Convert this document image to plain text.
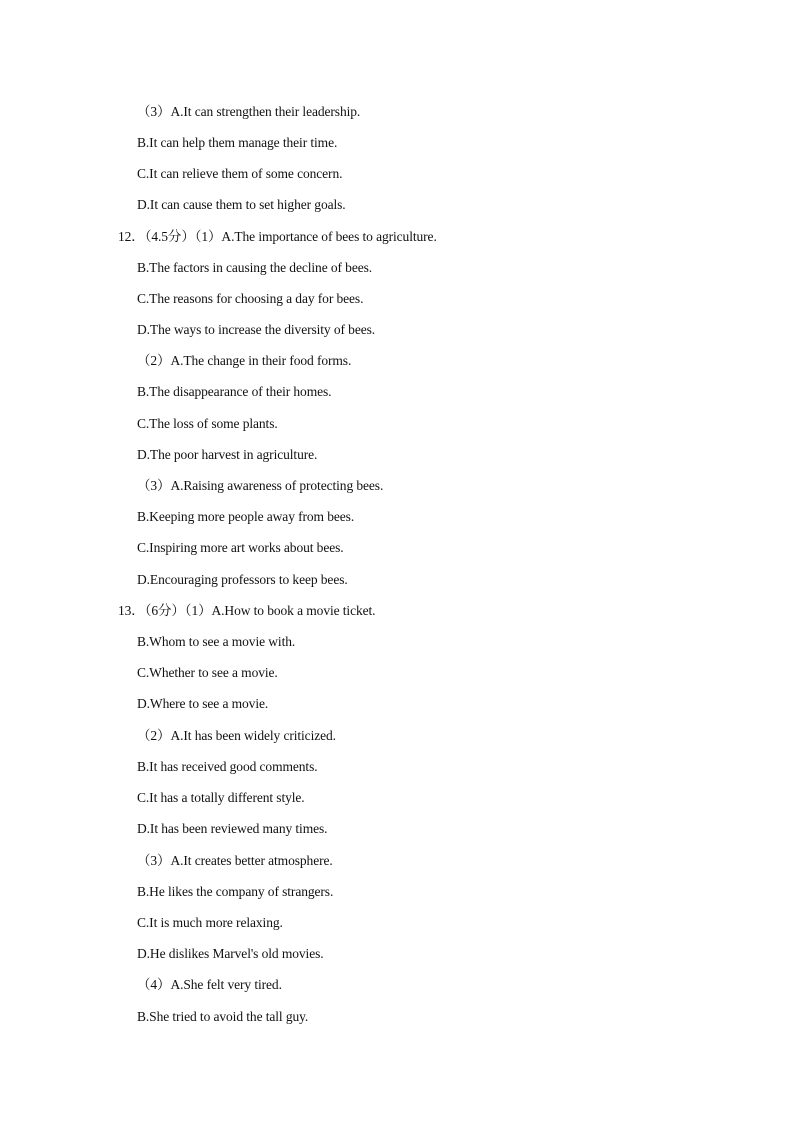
（3）A.It can strengthen their leadership.
B.It can help them manage their time.
C.It can relieve them of some concern.
D.It can cause them to set higher goals.
12．（4.5分）（1）A.The importance of bees to agriculture.
B.The factors in causing the decline of bees.
C.The reasons for choosing a day for bees.
D.The ways to increase the diversity of bees.
（2）A.The change in their food forms.
B.The disappearance of their homes.
C.The loss of some plants.
D.The poor harvest in agriculture.
（3）A.Raising awareness of protecting bees.
B.Keeping more people away from bees.
C.Inspiring more art works about bees.
D.Encouraging professors to keep bees.
13．（6分）（1）A.How to book a movie ticket.
B.Whom to see a movie with.
C.Whether to see a movie.
D.Where to see a movie.
（2）A.It has been widely criticized.
B.It has received good comments.
C.It has a totally different style.
D.It has been reviewed many times.
（3）A.It creates better atmosphere.
B.He likes the company of strangers.
C.It is much more relaxing.
D.He dislikes Marvel's old movies.
（4）A.She felt very tired.
B.She tried to avoid the tall guy.
